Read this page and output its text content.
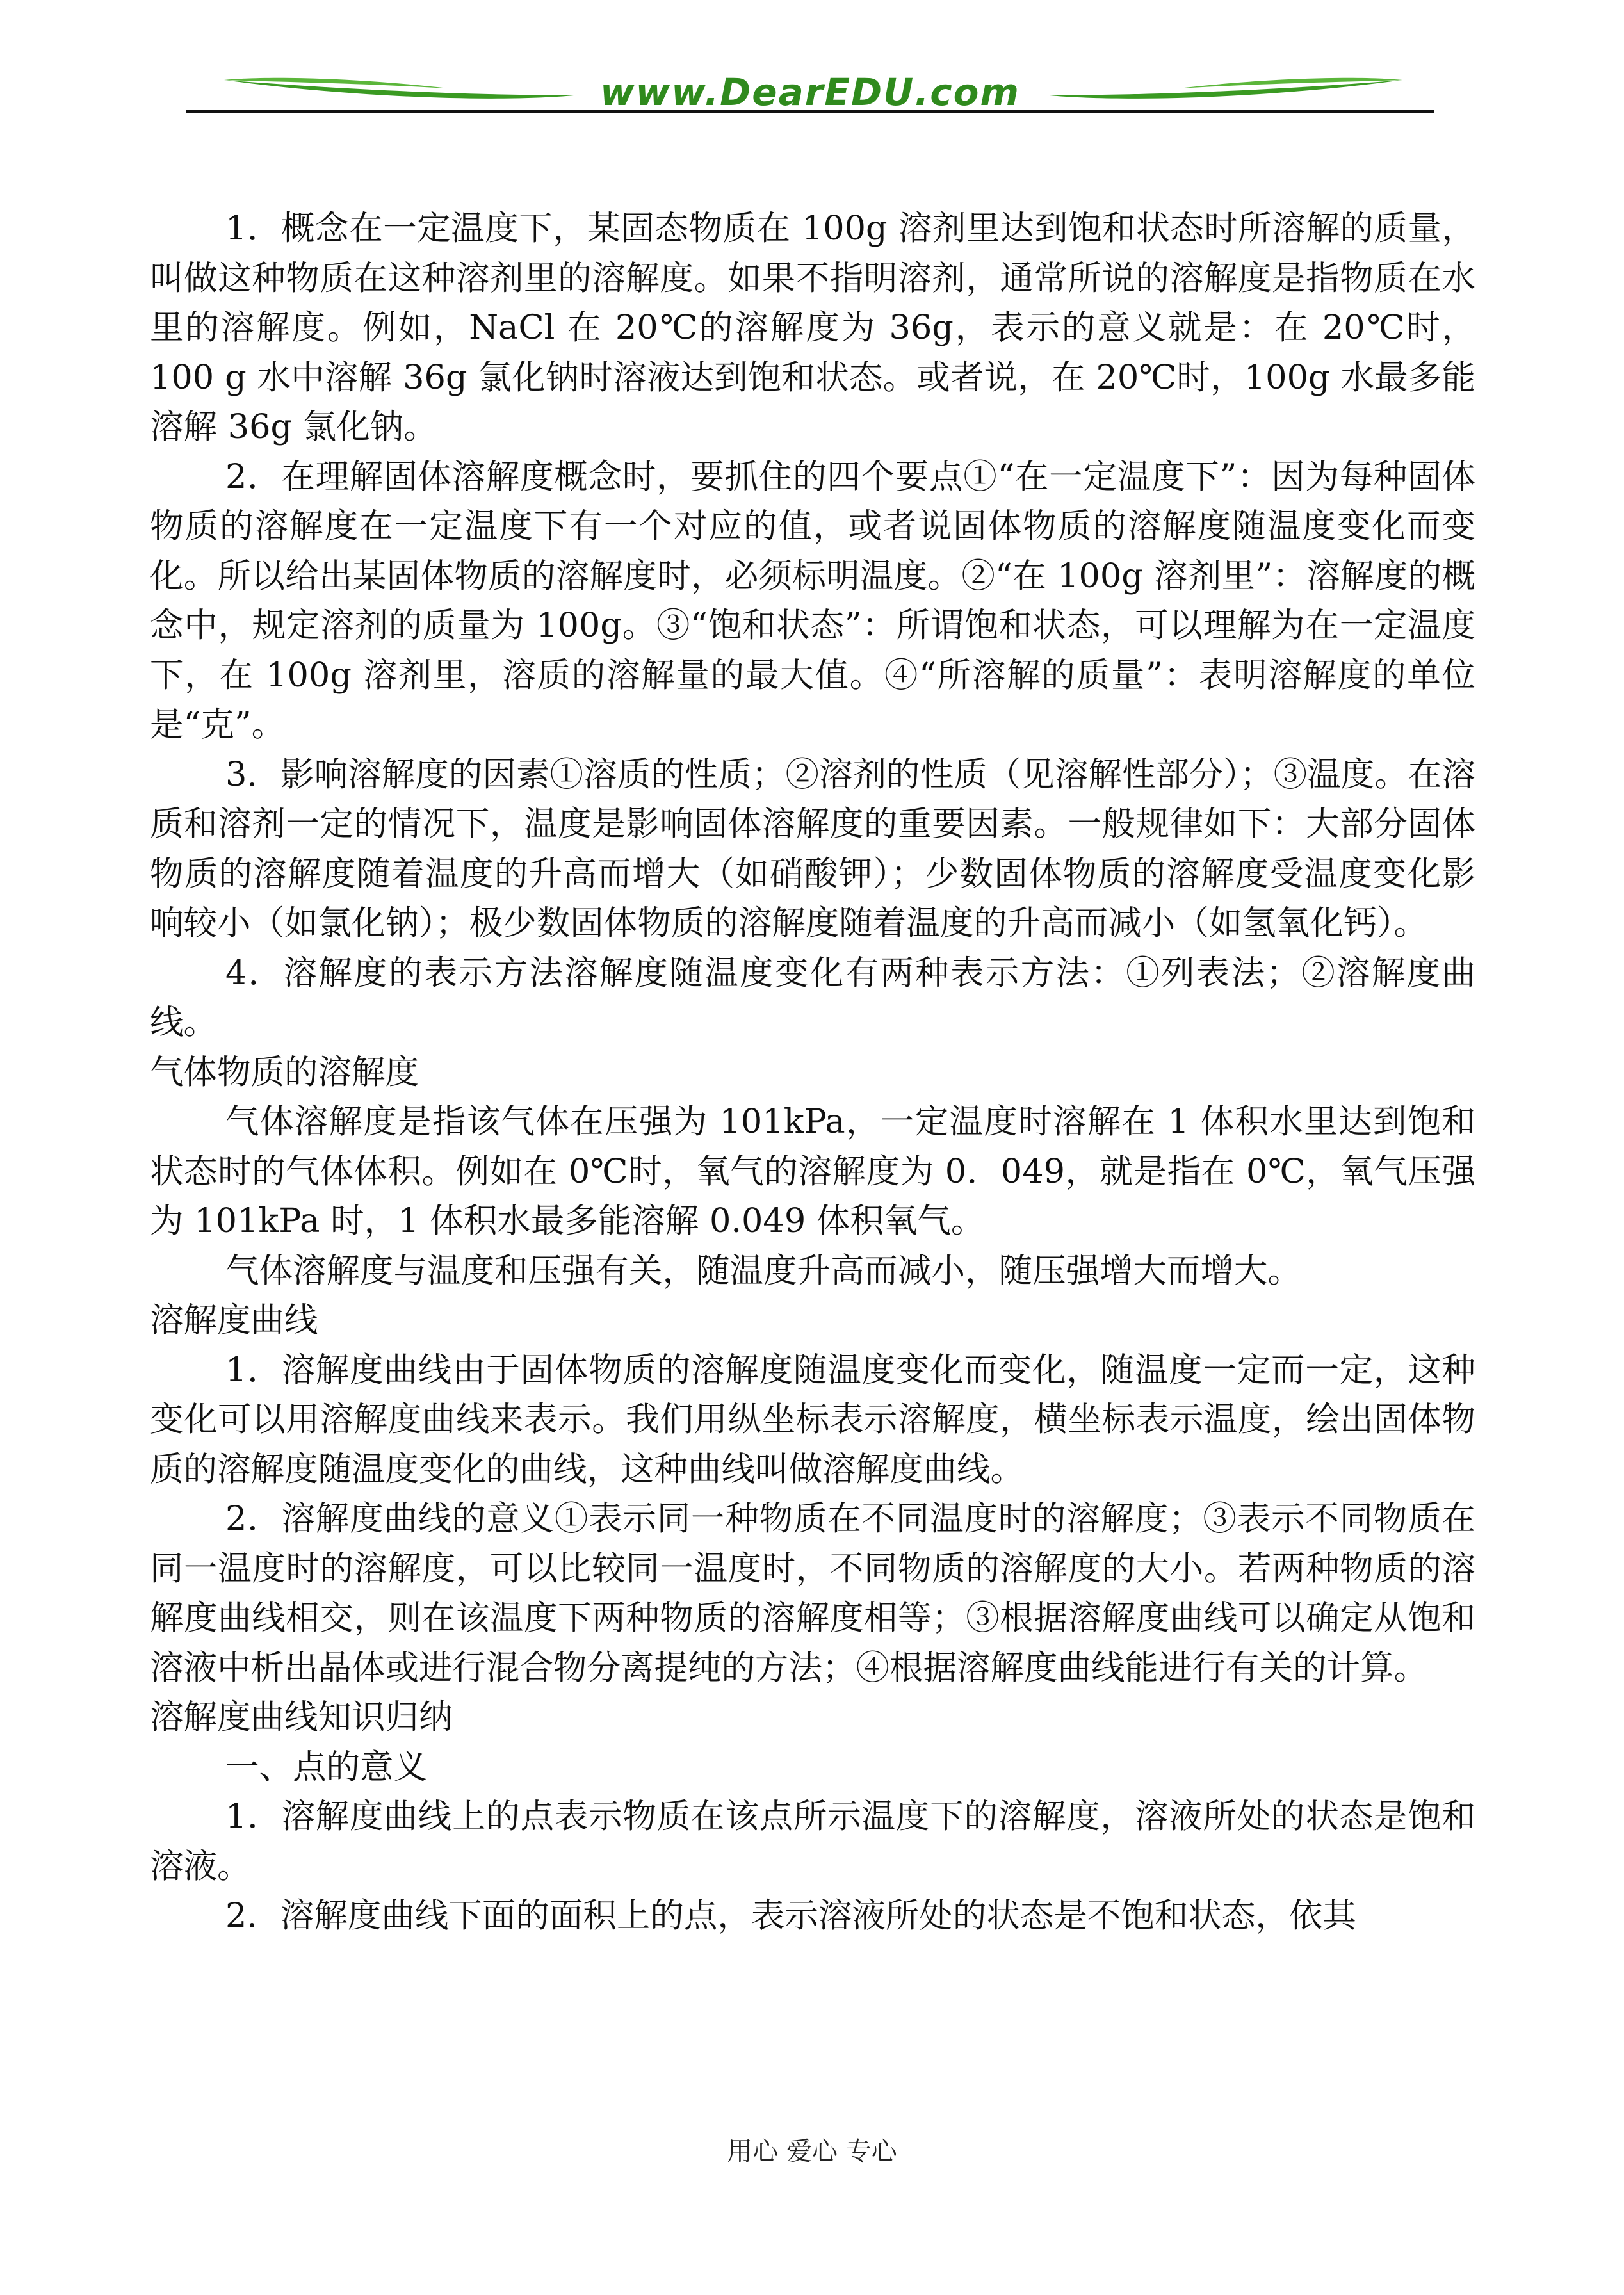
www.DearEDU.com

1．概念在一定温度下，某固态物质在 100g 溶剂里达到饱和状态时所溶解的质量，叫做这种物质在这种溶剂里的溶解度。如果不指明溶剂，通常所说的溶解度是指物质在水里的溶解度。例如，NaCl 在 20℃的溶解度为 36g，表示的意义就是：在 20℃时，100 g 水中溶解 36g 氯化钠时溶液达到饱和状态。或者说，在 20℃时，100g 水最多能溶解 36g 氯化钠。

2．在理解固体溶解度概念时，要抓住的四个要点①“在一定温度下”：因为每种固体物质的溶解度在一定温度下有一个对应的值，或者说固体物质的溶解度随温度变化而变化。所以给出某固体物质的溶解度时，必须标明温度。②“在 100g 溶剂里”：溶解度的概念中，规定溶剂的质量为 100g。③“饱和状态”：所谓饱和状态，可以理解为在一定温度下，在 100g 溶剂里，溶质的溶解量的最大值。④“所溶解的质量”：表明溶解度的单位是“克”。

3．影响溶解度的因素①溶质的性质；②溶剂的性质（见溶解性部分）；③温度。在溶质和溶剂一定的情况下，温度是影响固体溶解度的重要因素。一般规律如下：大部分固体物质的溶解度随着温度的升高而增大（如硝酸钾）；少数固体物质的溶解度受温度变化影响较小（如氯化钠）；极少数固体物质的溶解度随着温度的升高而减小（如氢氧化钙）。

4．溶解度的表示方法溶解度随温度变化有两种表示方法：①列表法；②溶解度曲线。

气体物质的溶解度

气体溶解度是指该气体在压强为 101kPa，一定温度时溶解在 1 体积水里达到饱和状态时的气体体积。例如在 0℃时，氧气的溶解度为 0．049，就是指在 0℃，氧气压强为 101kPa 时，1 体积水最多能溶解 0.049 体积氧气。

气体溶解度与温度和压强有关，随温度升高而减小，随压强增大而增大。

溶解度曲线

1．溶解度曲线由于固体物质的溶解度随温度变化而变化，随温度一定而一定，这种变化可以用溶解度曲线来表示。我们用纵坐标表示溶解度，横坐标表示温度，绘出固体物质的溶解度随温度变化的曲线，这种曲线叫做溶解度曲线。

2．溶解度曲线的意义①表示同一种物质在不同温度时的溶解度；③表示不同物质在同一温度时的溶解度，可以比较同一温度时，不同物质的溶解度的大小。若两种物质的溶解度曲线相交，则在该温度下两种物质的溶解度相等；③根据溶解度曲线可以确定从饱和溶液中析出晶体或进行混合物分离提纯的方法；④根据溶解度曲线能进行有关的计算。

溶解度曲线知识归纳

一、点的意义

1．溶解度曲线上的点表示物质在该点所示温度下的溶解度，溶液所处的状态是饱和溶液。

2．溶解度曲线下面的面积上的点，表示溶液所处的状态是不饱和状态，依其

用心 爱心 专心
